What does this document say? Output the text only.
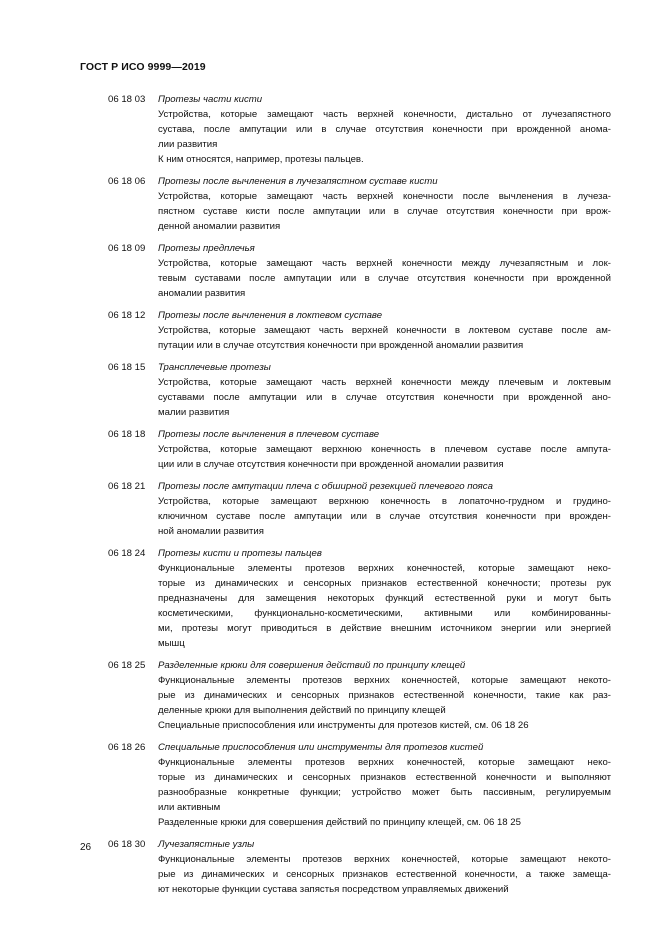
ГОСТ Р ИСО 9999—2019
06 18 03	Протезы части кисти
Устройства, которые замещают часть верхней конечности, дистально от лучезапястного
сустава, после ампутации или в случае отсутствия конечности при врожденной анома-
лии развития
К ним относятся, например, протезы пальцев.
06 18 06	Протезы после вычленения в лучезапястном суставе кисти
Устройства, которые замещают часть верхней конечности после вычленения в лучеза-
пястном суставе кисти после ампутации или в случае отсутствия конечности при врож-
денной аномалии развития
06 18 09	Протезы предплечья
Устройства, которые замещают часть верхней конечности между лучезапястным и лок-
тевым суставами после ампутации или в случае отсутствия конечности при врожденной
аномалии развития
06 18 12	Протезы после вычленения в локтевом суставе
Устройства, которые замещают часть верхней конечности в локтевом суставе после ам-
путации или в случае отсутствия конечности при врожденной аномалии развития
06 18 15	Трансплечевые протезы
Устройства, которые замещают часть верхней конечности между плечевым и локтевым
суставами после ампутации или в случае отсутствия конечности при врожденной ано-
малии развития
06 18 18	Протезы после вычленения в плечевом суставе
Устройства, которые замещают верхнюю конечность в плечевом суставе после ампута-
ции или в случае отсутствия конечности при врожденной аномалии развития
06 18 21	Протезы после ампутации плеча с обширной резекцией плечевого пояса
Устройства, которые замещают верхнюю конечность в лопаточно-грудном и грудино-
ключичном суставе после ампутации или в случае отсутствия конечности при врожден-
ной аномалии развития
06 18 24	Протезы кисти и протезы пальцев
Функциональные элементы протезов верхних конечностей, которые замещают неко-
торые из динамических и сенсорных признаков естественной конечности; протезы рук
предназначены для замещения некоторых функций естественной руки и могут быть
косметическими, функционально-косметическими, активными или комбинированны-
ми, протезы могут приводиться в действие внешним источником энергии или энергией
мышц
06 18 25	Разделенные крюки для совершения действий по принципу клещей
Функциональные элементы протезов верхних конечностей, которые замещают некото-
рые из динамических и сенсорных признаков естественной конечности, такие как раз-
деленные крюки для выполнения действий по принципу клещей
Специальные приспособления или инструменты для протезов кистей, см. 06 18 26
06 18 26	Специальные приспособления или инструменты для протезов кистей
Функциональные элементы протезов верхних конечностей, которые замещают неко-
торые из динамических и сенсорных признаков естественной конечности и выполняют
разнообразные конкретные функции; устройство может быть пассивным, регулируемым
или активным
Разделенные крюки для совершения действий по принципу клещей, см. 06 18 25
06 18 30	Лучезапястные узлы
Функциональные элементы протезов верхних конечностей, которые замещают некото-
рые из динамических и сенсорных признаков естественной конечности, а также замеща-
ют некоторые функции сустава запястья посредством управляемых движений
26
